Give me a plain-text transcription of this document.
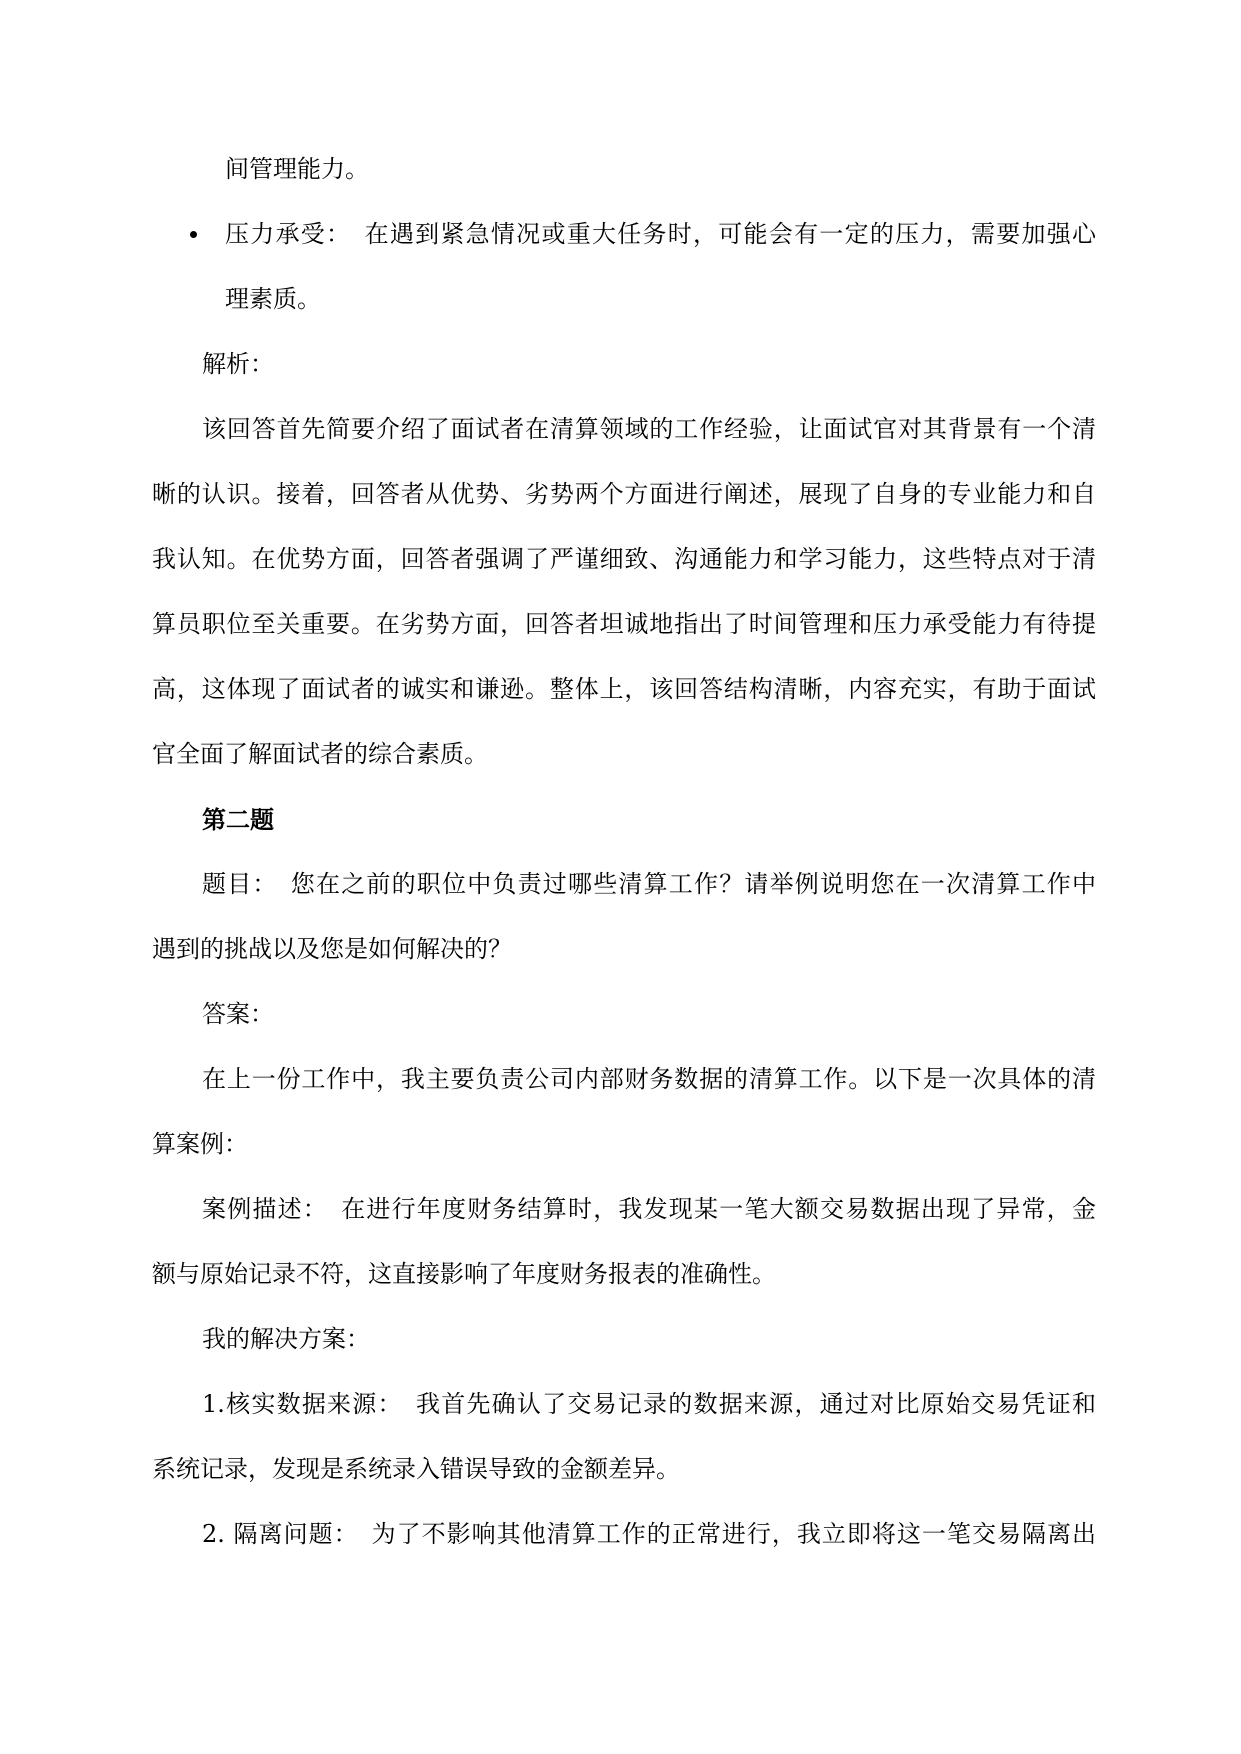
间管理能力。
压力承受：　在遇到紧急情况或重大任务时，可能会有一定的压力，需要加强心
理素质。
解析：
该回答首先简要介绍了面试者在清算领域的工作经验，让面试官对其背景有一个清
晰的认识。接着，回答者从优势、劣势两个方面进行阐述，展现了自身的专业能力和自
我认知。在优势方面，回答者强调了严谨细致、沟通能力和学习能力，这些特点对于清
算员职位至关重要。在劣势方面，回答者坦诚地指出了时间管理和压力承受能力有待提
高，这体现了面试者的诚实和谦逊。整体上，该回答结构清晰，内容充实，有助于面试
官全面了解面试者的综合素质。
第二题
题目：　您在之前的职位中负责过哪些清算工作？请举例说明您在一次清算工作中
遇到的挑战以及您是如何解决的？
答案：
在上一份工作中，我主要负责公司内部财务数据的清算工作。以下是一次具体的清
算案例：
案例描述：　在进行年度财务结算时，我发现某一笔大额交易数据出现了异常，金
额与原始记录不符，这直接影响了年度财务报表的准确性。
我的解决方案：
1.核实数据来源：　我首先确认了交易记录的数据来源，通过对比原始交易凭证和
系统记录，发现是系统录入错误导致的金额差异。
2. 隔离问题：　为了不影响其他清算工作的正常进行，我立即将这一笔交易隔离出
